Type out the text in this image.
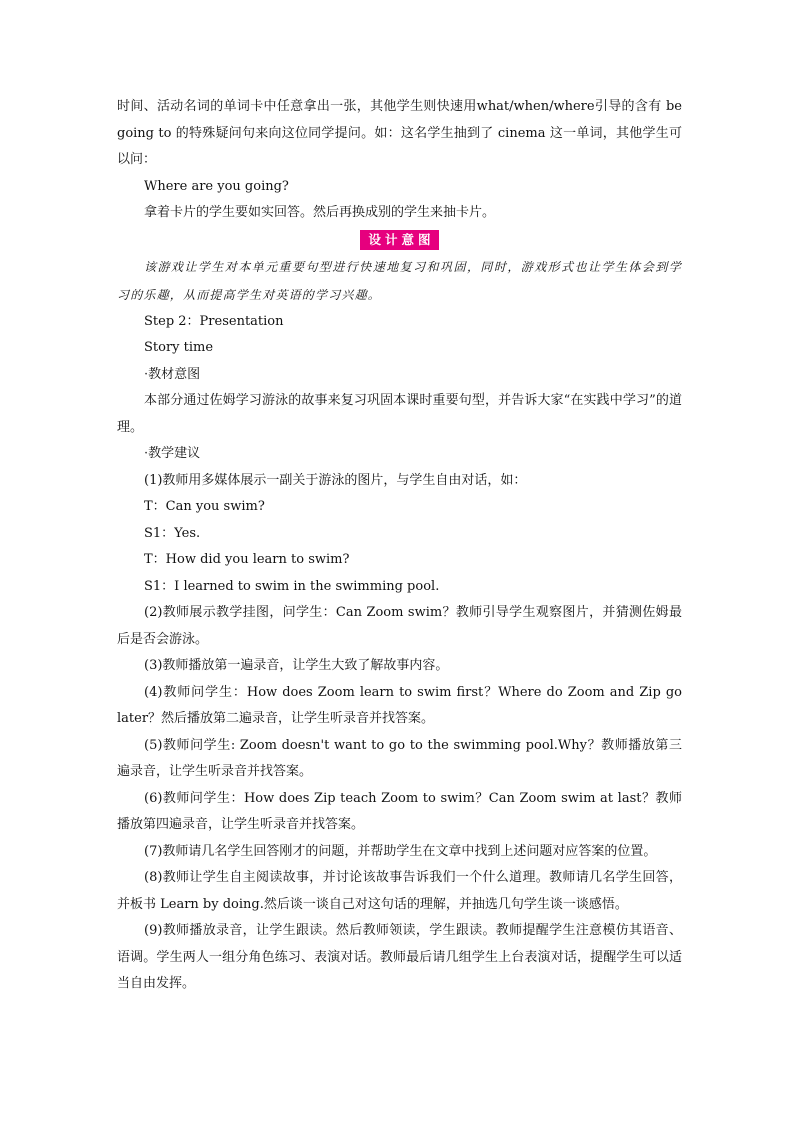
时间、活动名词的单词卡中任意拿出一张，其他学生则快速用what/when/where引导的含有 be going to 的特殊疑问句来向这位同学提问。如：这名学生抽到了 cinema 这一单词，其他学生可以问：

Where are you going?

拿着卡片的学生要如实回答。然后再换成别的学生来抽卡片。

设计意图

该游戏让学生对本单元重要句型进行快速地复习和巩固，同时，游戏形式也让学生体会到学习的乐趣，从而提高学生对英语的学习兴趣。

Step 2：Presentation

Story time

· 教材意图

本部分通过佐姆学习游泳的故事来复习巩固本课时重要句型，并告诉大家“在实践中学习”的道理。

· 教学建议

(1)教师用多媒体展示一副关于游泳的图片，与学生自由对话，如：

T：Can you swim?

S1：Yes.

T：How did you learn to swim?

S1：I learned to swim in the swimming pool.

(2)教师展示教学挂图，问学生：Can Zoom swim？教师引导学生观察图片，并猜测佐姆最后是否会游泳。

(3)教师播放第一遍录音，让学生大致了解故事内容。

(4)教师问学生：How does Zoom learn to swim first？Where do Zoom and Zip go later？然后播放第二遍录音，让学生听录音并找答案。

(5)教师问学生: Zoom doesn't want to go to the swimming pool.Why？教师播放第三遍录音，让学生听录音并找答案。

(6)教师问学生：How does Zip teach Zoom to swim？Can Zoom swim at last？教师播放第四遍录音，让学生听录音并找答案。

(7)教师请几名学生回答刚才的问题，并帮助学生在文章中找到上述问题对应答案的位置。

(8)教师让学生自主阅读故事，并讨论该故事告诉我们一个什么道理。教师请几名学生回答，并板书 Learn by doing.然后谈一谈自己对这句话的理解，并抽选几句学生谈一谈感悟。

(9)教师播放录音，让学生跟读。然后教师领读，学生跟读。教师提醒学生注意模仿其语音、语调。学生两人一组分角色练习、表演对话。教师最后请几组学生上台表演对话，提醒学生可以适当自由发挥。
